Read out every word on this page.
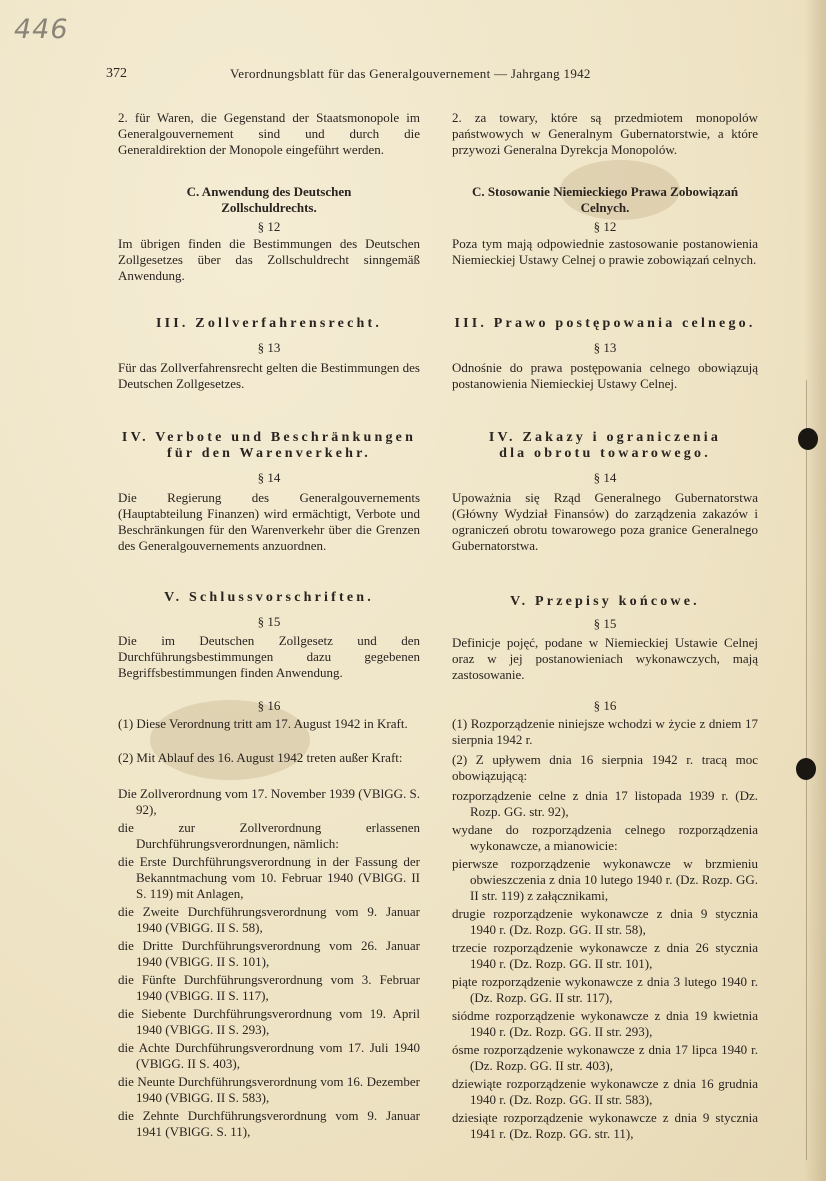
446
372	Verordnungsblatt für das Generalgouvernement — Jahrgang 1942

2. für Waren, die Gegenstand der Staatsmonopole im Generalgouvernement sind und durch die Generaldirektion der Monopole eingeführt werden.

C. Anwendung des Deutschen Zollschuldrechts.

§ 12

Im übrigen finden die Bestimmungen des Deutschen Zollgesetzes über das Zollschuldrecht sinngemäß Anwendung.

III. Zollverfahrensrecht.

§ 13

Für das Zollverfahrensrecht gelten die Bestimmungen des Deutschen Zollgesetzes.

IV. Verbote und Beschränkungen

für den Warenverkehr.

§ 14

Die Regierung des Generalgouvernements (Hauptabteilung Finanzen) wird ermächtigt, Verbote und Beschränkungen für den Warenverkehr über die Grenzen des Generalgouvernements anzuordnen.

V. Schlussvorschriften.

§ 15

Die im Deutschen Zollgesetz und den Durchführungsbestimmungen dazu gegebenen Begriffsbestimmungen finden Anwendung.

§ 16

(1) Diese Verordnung tritt am 17. August 1942 in Kraft.

(2) Mit Ablauf des 16. August 1942 treten außer Kraft:

Die Zollverordnung vom 17. November 1939 (VBlGG. S. 92),

die zur Zollverordnung erlassenen Durchführungsverordnungen, nämlich:

die Erste Durchführungsverordnung in der Fassung der Bekanntmachung vom 10. Februar 1940 (VBlGG. II S. 119) mit Anlagen,

die Zweite Durchführungsverordnung vom 9. Januar 1940 (VBlGG. II S. 58),

die Dritte Durchführungsverordnung vom 26. Januar 1940 (VBlGG. II S. 101),

die Fünfte Durchführungsverordnung vom 3. Februar 1940 (VBlGG. II S. 117),

die Siebente Durchführungsverordnung vom 19. April 1940 (VBlGG. II S. 293),

die Achte Durchführungsverordnung vom 17. Juli 1940 (VBlGG. II S. 403),

die Neunte Durchführungsverordnung vom 16. Dezember 1940 (VBlGG. II S. 583),

die Zehnte Durchführungsverordnung vom 9. Januar 1941 (VBlGG. S. 11),

2. za towary, które są przedmiotem monopolów państwowych w Generalnym Gubernatorstwie, a które przywozi Generalna Dyrekcja Monopolów.

C. Stosowanie Niemieckiego Prawa Zobowiązań Celnych.

§ 12

Poza tym mają odpowiednie zastosowanie postanowienia Niemieckiej Ustawy Celnej o prawie zobowiązań celnych.

III. Prawo postępowania celnego.

§ 13

Odnośnie do prawa postępowania celnego obowiązują postanowienia Niemieckiej Ustawy Celnej.

IV. Zakazy i ograniczenia

dla obrotu towarowego.

§ 14

Upoważnia się Rząd Generalnego Gubernatorstwa (Główny Wydział Finansów) do zarządzenia zakazów i ograniczeń obrotu towarowego poza granice Generalnego Gubernatorstwa.

V. Przepisy końcowe.

§ 15

Definicje pojęć, podane w Niemieckiej Ustawie Celnej oraz w jej postanowieniach wykonawczych, mają zastosowanie.

§ 16

(1) Rozporządzenie niniejsze wchodzi w życie z dniem 17 sierpnia 1942 r.

(2) Z upływem dnia 16 sierpnia 1942 r. tracą moc obowiązującą:

rozporządzenie celne z dnia 17 listopada 1939 r. (Dz. Rozp. GG. str. 92),

wydane do rozporządzenia celnego rozporządzenia wykonawcze, a mianowicie:

pierwsze rozporządzenie wykonawcze w brzmieniu obwieszczenia z dnia 10 lutego 1940 r. (Dz. Rozp. GG. II str. 119) z załącznikami,

drugie rozporządzenie wykonawcze z dnia 9 stycznia 1940 r. (Dz. Rozp. GG. II str. 58),

trzecie rozporządzenie wykonawcze z dnia 26 stycznia 1940 r. (Dz. Rozp. GG. II str. 101),

piąte rozporządzenie wykonawcze z dnia 3 lutego 1940 r. (Dz. Rozp. GG. II str. 117),

siódme rozporządzenie wykonawcze z dnia 19 kwietnia 1940 r. (Dz. Rozp. GG. II str. 293),

ósme rozporządzenie wykonawcze z dnia 17 lipca 1940 r. (Dz. Rozp. GG. II str. 403),

dziewiąte rozporządzenie wykonawcze z dnia 16 grudnia 1940 r. (Dz. Rozp. GG. II str. 583),

dziesiąte rozporządzenie wykonawcze z dnia 9 stycznia 1941 r. (Dz. Rozp. GG. str. 11),
